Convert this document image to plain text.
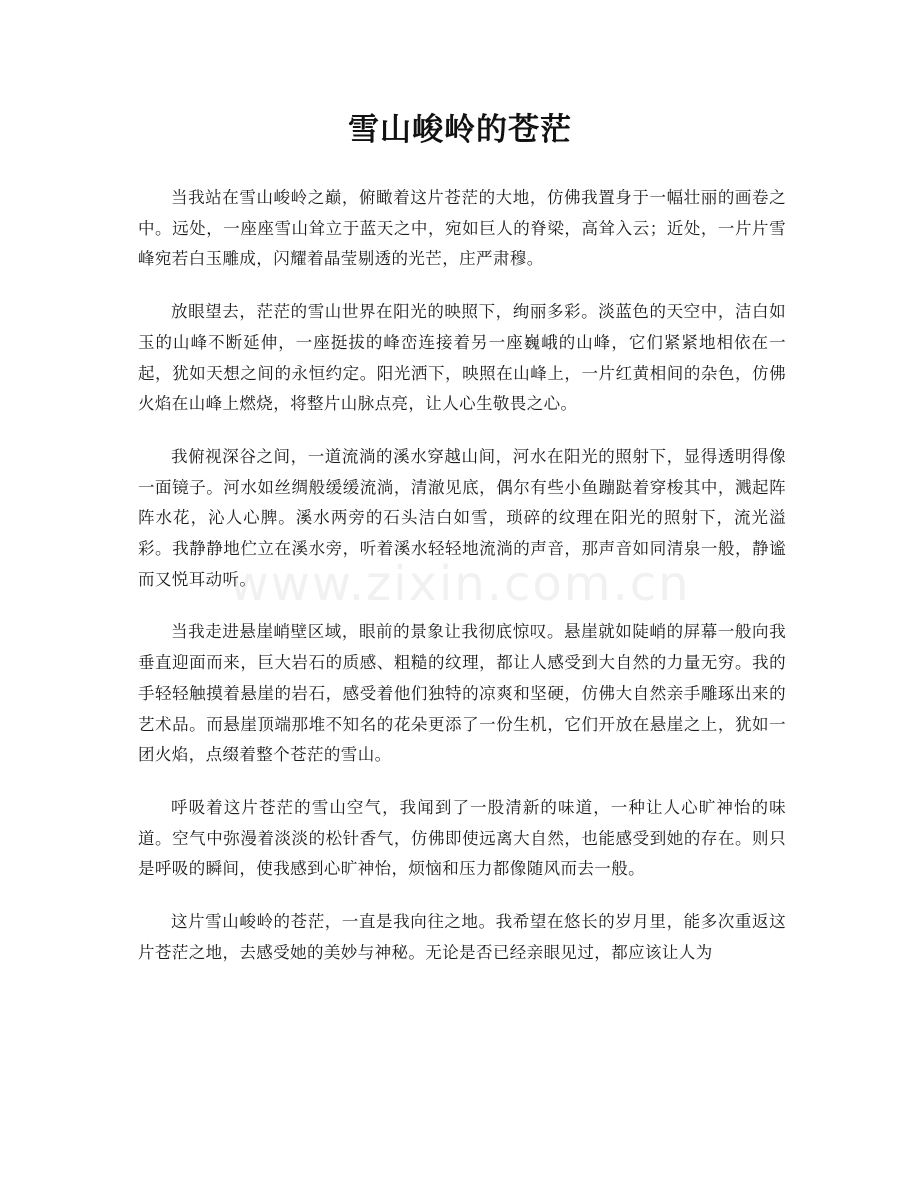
雪山峻岭的苍茫
www.zixin.com.cn

当我站在雪山峻岭之巅，俯瞰着这片苍茫的大地，仿佛我置身于一幅壮丽的画卷之中。远处，一座座雪山耸立于蓝天之中，宛如巨人的脊梁，高耸入云；近处，一片片雪峰宛若白玉雕成，闪耀着晶莹剔透的光芒，庄严肃穆。

放眼望去，茫茫的雪山世界在阳光的映照下，绚丽多彩。淡蓝色的天空中，洁白如玉的山峰不断延伸，一座挺拔的峰峦连接着另一座巍峨的山峰，它们紧紧地相依在一起，犹如天想之间的永恒约定。阳光洒下，映照在山峰上，一片红黄相间的杂色，仿佛火焰在山峰上燃烧，将整片山脉点亮，让人心生敬畏之心。

我俯视深谷之间，一道流淌的溪水穿越山间，河水在阳光的照射下，显得透明得像一面镜子。河水如丝绸般缓缓流淌，清澈见底，偶尔有些小鱼蹦跶着穿梭其中，溅起阵阵水花，沁人心脾。溪水两旁的石头洁白如雪，琐碎的纹理在阳光的照射下，流光溢彩。我静静地伫立在溪水旁，听着溪水轻轻地流淌的声音，那声音如同清泉一般，静谧而又悦耳动听。

当我走进悬崖峭壁区域，眼前的景象让我彻底惊叹。悬崖就如陡峭的屏幕一般向我垂直迎面而来，巨大岩石的质感、粗糙的纹理，都让人感受到大自然的力量无穷。我的手轻轻触摸着悬崖的岩石，感受着他们独特的凉爽和坚硬，仿佛大自然亲手雕琢出来的艺术品。而悬崖顶端那堆不知名的花朵更添了一份生机，它们开放在悬崖之上，犹如一团火焰，点缀着整个苍茫的雪山。

呼吸着这片苍茫的雪山空气，我闻到了一股清新的味道，一种让人心旷神怡的味道。空气中弥漫着淡淡的松针香气，仿佛即使远离大自然，也能感受到她的存在。则只是呼吸的瞬间，使我感到心旷神怡，烦恼和压力都像随风而去一般。

这片雪山峻岭的苍茫，一直是我向往之地。我希望在悠长的岁月里，能多次重返这片苍茫之地，去感受她的美妙与神秘。无论是否已经亲眼见过，都应该让人为
